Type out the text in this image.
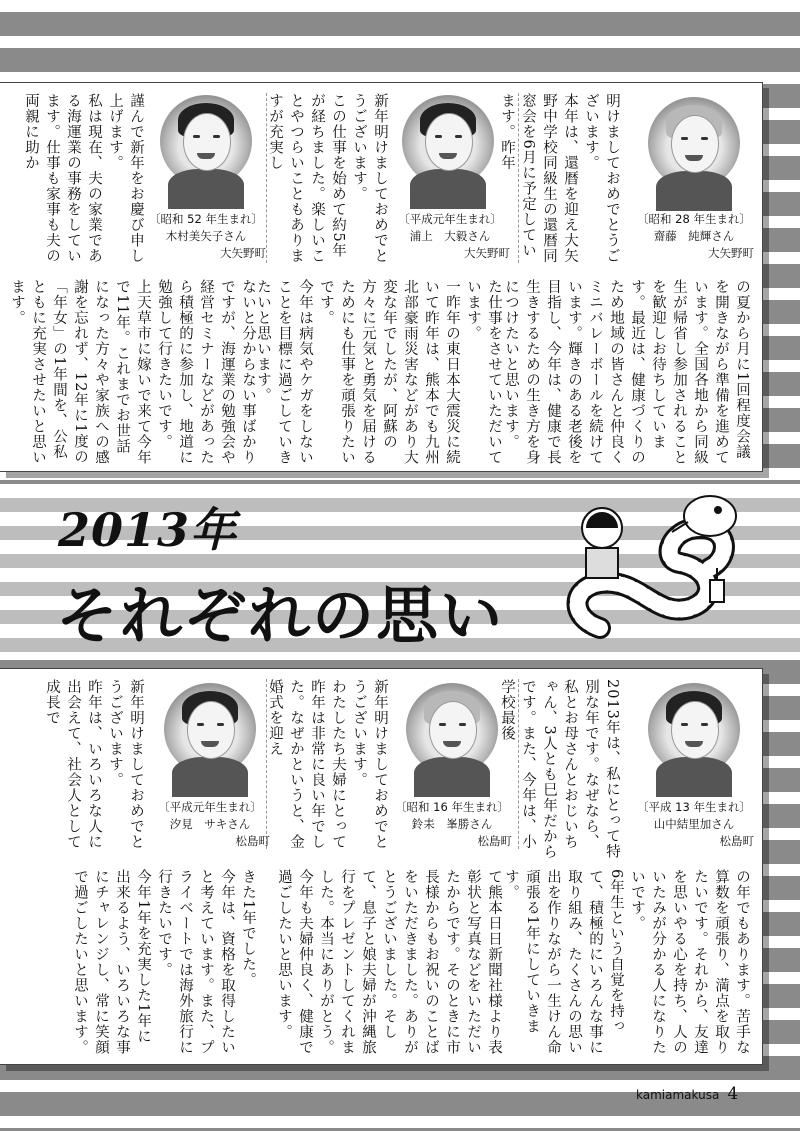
明けましておめでとうございます。
本年は、還暦を迎え大矢野中学校同級生の還暦同窓会を6月に予定しています。昨年
〔昭和 28 年生まれ〕
齋藤　純輝さん
大矢野町
新年明けましておめでとうございます。
この仕事を始めて約5年が経ちました。楽しいことやつらいこともありますが充実し
〔平成元年生まれ〕
浦上　大毅さん
大矢野町
謹んで新年をお慶び申し上げます。
私は現在、夫の家業である海運業の事務をしています。仕事も家事も夫の両親に助か
〔昭和 52 年生まれ〕
木村美矢子さん
大矢野町
の夏から月に1回程度会議を開きながら準備を進めています。全国各地から同級生が帰省し参加されることを歓迎しお待ちしています。最近は、健康づくりのため地域の皆さんと仲良くミニバレーボールを続けています。輝きのある老後を目指し、今年は、健康で長生きするための生き方を身につけたいと思います。
た仕事をさせていただいています。
一昨年の東日本大震災に続いて昨年は、熊本でも九州北部豪雨災害などがあり大変な年でしたが、阿蘇の方々に元気と勇気を届けるためにも仕事を頑張りたいです。
今年は病気やケガをしないことを目標に過ごしていきたいと思います。
ないと分からない事ばかりですが、海運業の勉強会や経営セミナーなどがあったら積極的に参加し、地道に勉強して行きたいです。
上天草市に嫁いで来て今年で11年。これまでお世話になった方々や家族への感謝を忘れず、12年に1度の「年女」の1年間を、公私ともに充実させたいと思います。
2013年
それぞれの思い
2013年は、私にとって特別な年です。なぜなら、私とお母さんとおじいちゃん、3人とも巳年だからです。また、今年は、小学校最後
〔平成 13 年生まれ〕
山中結里加さん
松島町
新年明けましておめでとうございます。
わたしたち夫婦にとって昨年は非常に良い年でした。なぜかというと、金婚式を迎え
〔昭和 16 年生まれ〕
鈴耒　峯勝さん
松島町
新年明けましておめでとうございます。
昨年は、いろいろな人に出会えて、社会人として成長で
〔平成元年生まれ〕
汐見　サキさん
松島町
の年でもあります。苦手な算数を頑張り、満点を取りたいです。それから、友達を思いやる心を持ち、人のいたみが分かる人になりたいです。
6年生という自覚を持って、積極的にいろんな事に取り組み、たくさんの思い出を作りながら一生けん命頑張る1年にしていきます。
て熊本日日新聞社様より表彰状と写真などをいただいたからです。そのときに市長様からもお祝いのことばをいただきました。ありがとうございました。そして、息子と娘夫婦が沖縄旅行をプレゼントしてくれました。本当にありがとう。
今年も夫婦仲良く、健康で過ごしたいと思います。
きた1年でした。
今年は、資格を取得したいと考えています。また、プライベートでは海外旅行に行きたいです。
今年1年を充実した1年に出来るよう、いろいろな事にチャレンジし、常に笑顔で過ごしたいと思います。
kamiamakusa 4
